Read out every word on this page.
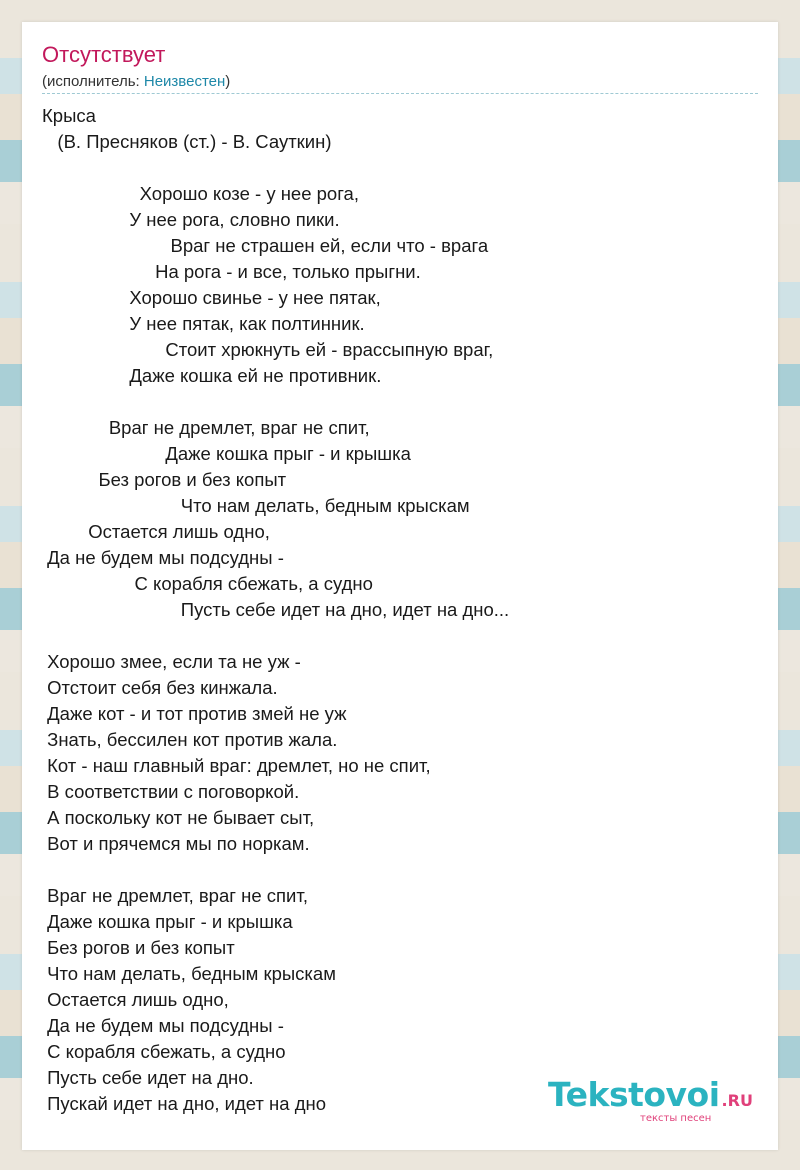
Отсутствует
(исполнитель: Неизвестен)
Крыса
(В. Пресняков (ст.) - В. Сауткин)

Хорошо козе - у нее рога,
У нее рога, словно пики.
Враг не страшен ей, если что - врага
На рога - и все, только прыгни.
Хорошо свинье - у нее пятак,
У нее пятак, как полтинник.
Стоит хрюкнуть ей - врассыпную враг,
Даже кошка ей не противник.

Враг не дремлет, враг не спит,
Даже кошка прыг - и крышка
Без рогов и без копыт
Что нам делать, бедным крыскам
Остается лишь одно,
Да не будем мы подсудны -
С корабля сбежать, а судно
Пусть себе идет на дно, идет на дно...

Хорошо змее, если та не уж -
Отстоит себя без кинжала.
Даже кот - и тот против змей не уж
Знать, бессилен кот против жала.
Кот - наш главный враг: дремлет, но не спит,
В соответствии с поговоркой.
А поскольку кот не бывает сыт,
Вот и прячемся мы по норкам.

Враг не дремлет, враг не спит,
Даже кошка прыг - и крышка
Без рогов и без копыт
Что нам делать, бедным крыскам
Остается лишь одно,
Да не будем мы подсудны -
С корабля сбежать, а судно
Пусть себе идет на дно.
Пускай идет на дно, идет на дно	Tekstovoi .RU
тексты песен
